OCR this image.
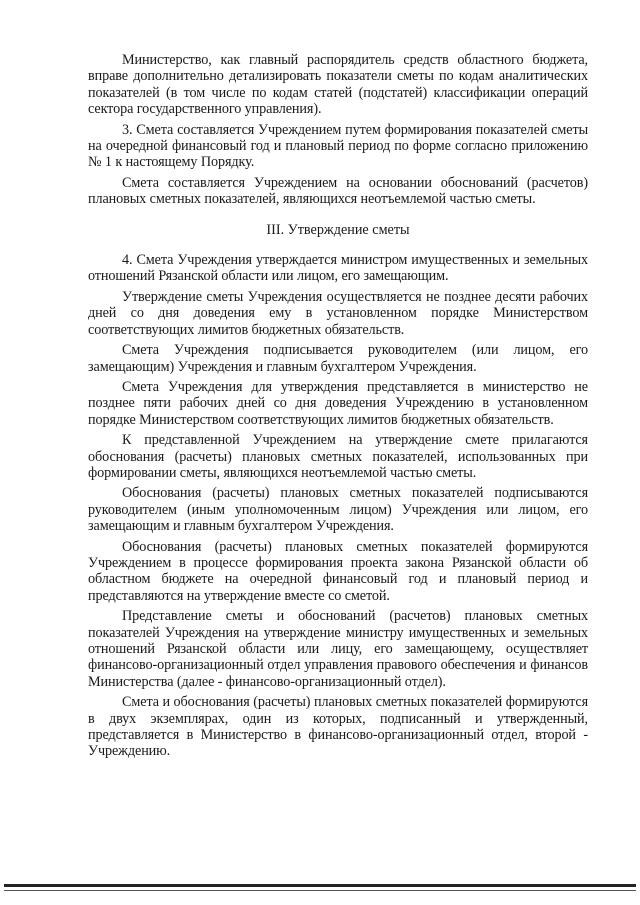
Министерство, как главный распорядитель средств областного бюджета, вправе дополнительно детализировать показатели сметы по кодам аналитических показателей (в том числе по кодам статей (подстатей) классификации операций сектора государственного управления).

3. Смета составляется Учреждением путем формирования показателей сметы на очередной финансовый год и плановый период по форме согласно приложению № 1 к настоящему Порядку.

Смета составляется Учреждением на основании обоснований (расчетов) плановых сметных показателей, являющихся неотъемлемой частью сметы.

III. Утверждение сметы

4. Смета Учреждения утверждается министром имущественных и земельных отношений Рязанской области или лицом, его замещающим.

Утверждение сметы Учреждения осуществляется не позднее десяти рабочих дней со дня доведения ему в установленном порядке Министерством соответствующих лимитов бюджетных обязательств.

Смета Учреждения подписывается руководителем (или лицом, его замещающим) Учреждения и главным бухгалтером Учреждения.

Смета Учреждения для утверждения представляется в министерство не позднее пяти рабочих дней со дня доведения Учреждению в установленном порядке Министерством соответствующих лимитов бюджетных обязательств.

К представленной Учреждением на утверждение смете прилагаются обоснования (расчеты) плановых сметных показателей, использованных при формировании сметы, являющихся неотъемлемой частью сметы.

Обоснования (расчеты) плановых сметных показателей подписываются руководителем (иным уполномоченным лицом) Учреждения или лицом, его замещающим и главным бухгалтером Учреждения.

Обоснования (расчеты) плановых сметных показателей формируются Учреждением в процессе формирования проекта закона Рязанской области об областном бюджете на очередной финансовый год и плановый период и представляются на утверждение вместе со сметой.

Представление сметы и обоснований (расчетов) плановых сметных показателей Учреждения на утверждение министру имущественных и земельных отношений Рязанской области или лицу, его замещающему, осуществляет финансово-организационный отдел управления правового обеспечения и финансов Министерства (далее - финансово-организационный отдел).

Смета и обоснования (расчеты) плановых сметных показателей формируются в двух экземплярах, один из которых, подписанный и утвержденный, представляется в Министерство в финансово-организационный отдел, второй - Учреждению.
